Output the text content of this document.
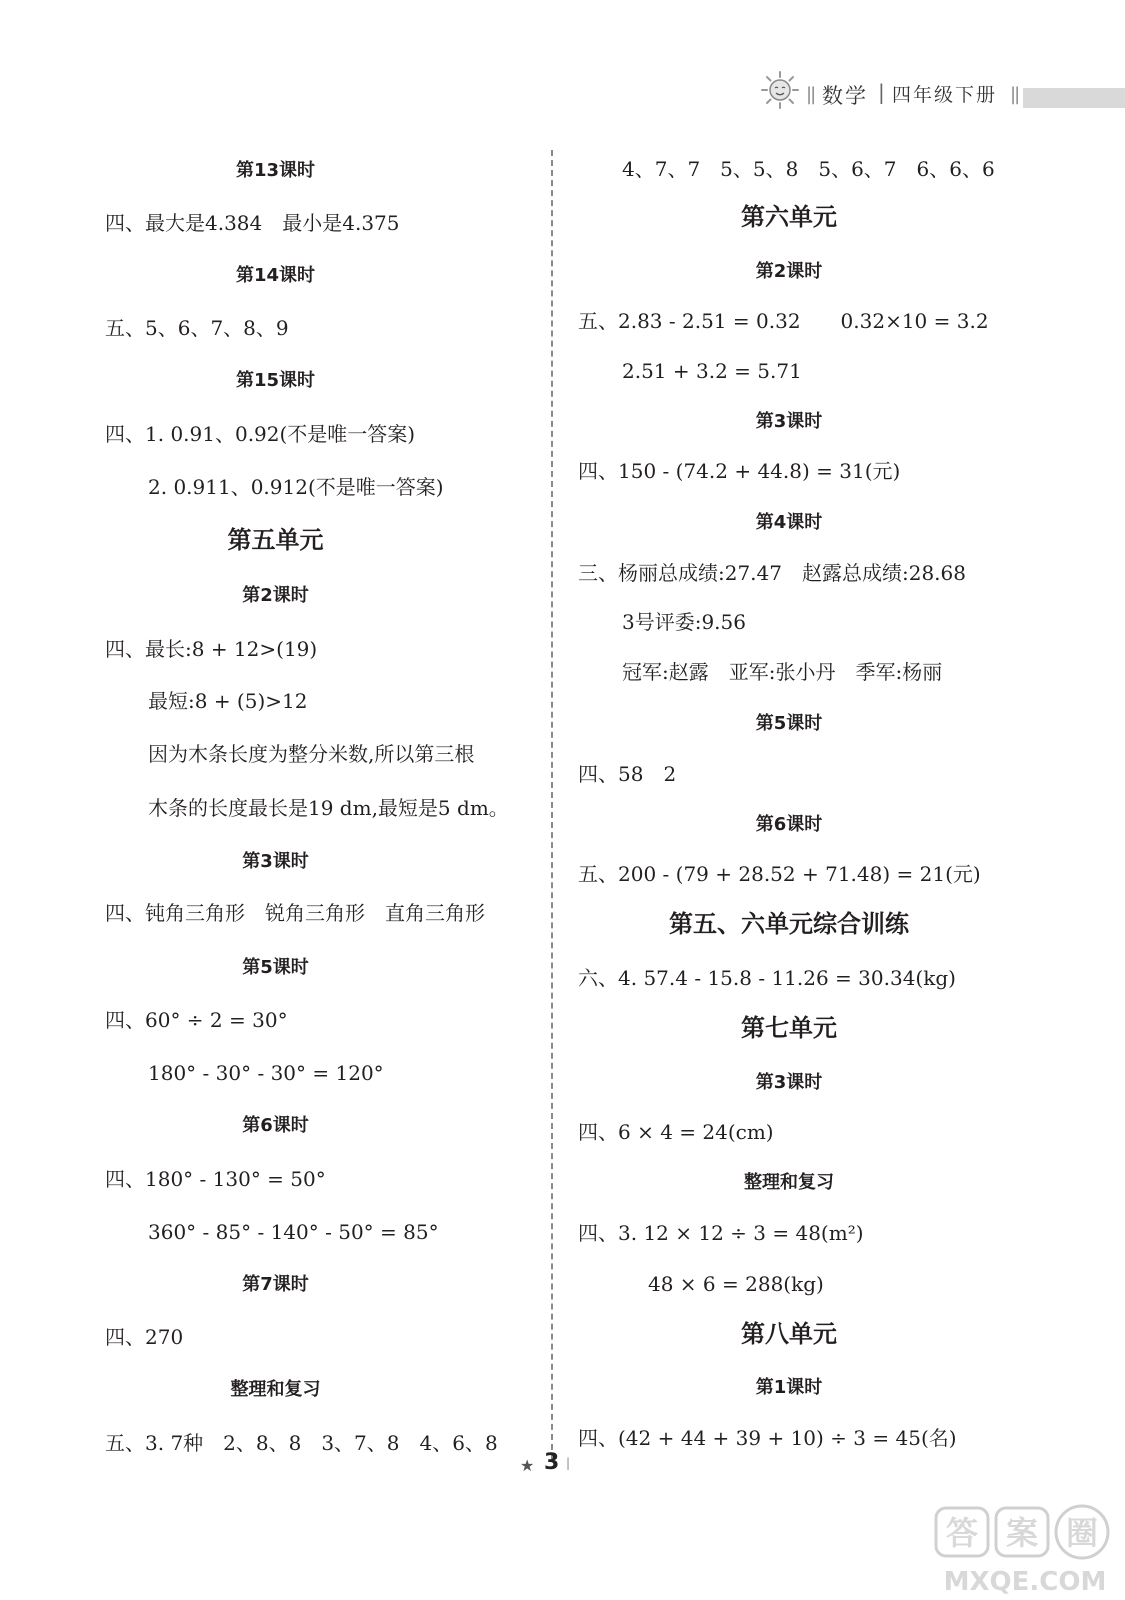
|| 数学 | 四年级下册 ||
第13课时
四、最大是4.384　最小是4.375
第14课时
五、5、6、7、8、9
第15课时
四、1. 0.91、0.92(不是唯一答案)
2. 0.911、0.912(不是唯一答案)
第五单元
第2课时
四、最长:8 + 12>(19)
最短:8 + (5)>12
因为木条长度为整分米数,所以第三根
木条的长度最长是19 dm,最短是5 dm。
第3课时
四、钝角三角形　锐角三角形　直角三角形
第5课时
四、60° ÷ 2 = 30°
180° - 30° - 30° = 120°
第6课时
四、180° - 130° = 50°
360° - 85° - 140° - 50° = 85°
第7课时
四、270
整理和复习
五、3. 7种　2、8、8　3、7、8　4、6、8
4、7、7　5、5、8　5、6、7　6、6、6
第六单元
第2课时
五、2.83 - 2.51 = 0.32　　0.32×10 = 3.2
2.51 + 3.2 = 5.71
第3课时
四、150 - (74.2 + 44.8) = 31(元)
第4课时
三、杨丽总成绩:27.47　赵露总成绩:28.68
3号评委:9.56
冠军:赵露　亚军:张小丹　季军:杨丽
第5课时
四、58　2
第6课时
五、200 - (79 + 28.52 + 71.48) = 21(元)
第五、六单元综合训练
六、4. 57.4 - 15.8 - 11.26 = 30.34(kg)
第七单元
第3课时
四、6 × 4 = 24(cm)
整理和复习
四、3. 12 × 12 ÷ 3 = 48(m²)
48 × 6 = 288(kg)
第八单元
第1课时
四、(42 + 44 + 39 + 10) ÷ 3 = 45(名)
★ 3 |
答 案 圈
MXQE.COM
